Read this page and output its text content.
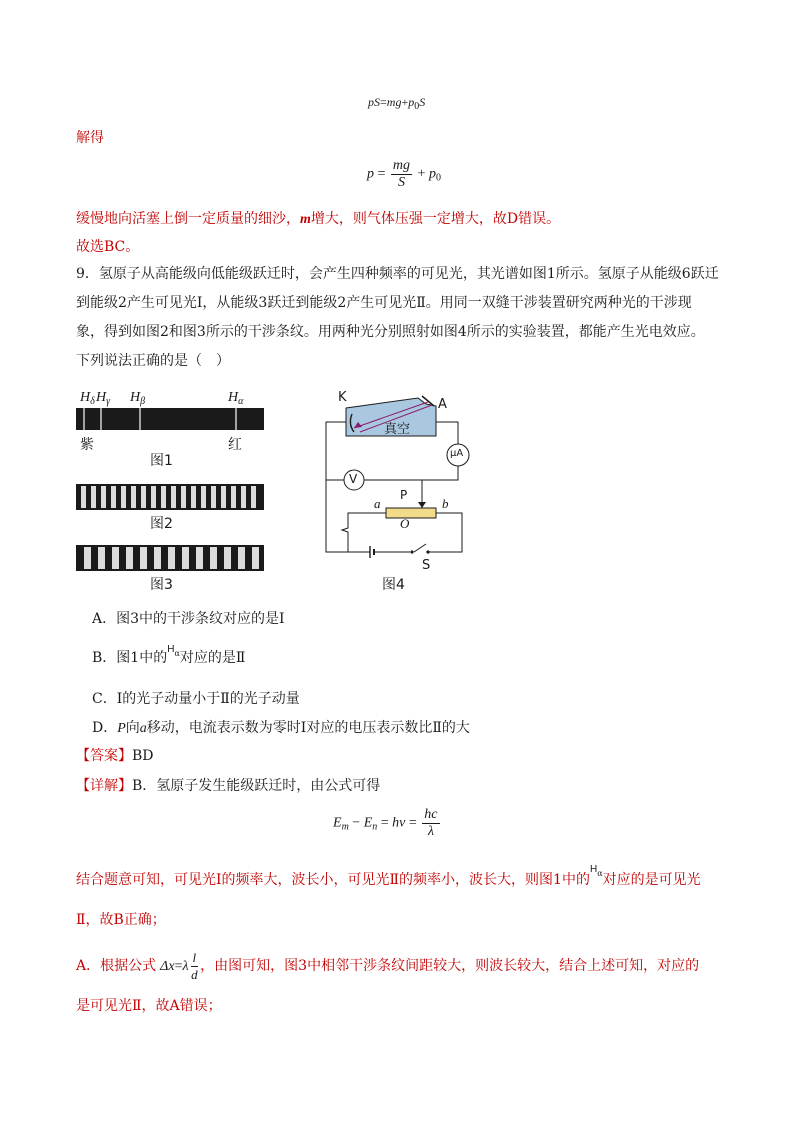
$pS=mg+p_0S$
解得
$p = \frac{mg}{S} + p_0$
缓慢地向活塞上倒一定质量的细沙，m增大，则气体压强一定增大，故D错误。
故选BC。
9．氢原子从高能级向低能级跃迁时，会产生四种频率的可见光，其光谱如图1所示。氢原子从能级6跃迁
到能级2产生可见光Ⅰ，从能级3跃迁到能级2产生可见光Ⅱ。用同一双缝干涉装置研究两种光的干涉现
象，得到如图2和图3所示的干涉条纹。用两种光分别照射如图4所示的实验装置，都能产生光电效应。
下列说法正确的是（　）
$H_\delta$ $H_\gamma$ $H_\beta$	$H_\alpha$
紫	红
图1
图2
图3
K	A
真空
μA
V
P
a	b
O
S
图4
A．图3中的干涉条纹对应的是Ⅰ
B．图1中的$^{H\alpha}$对应的是Ⅱ
C．Ⅰ的光子动量小于Ⅱ的光子动量
D．P向a移动，电流表示数为零时Ⅰ对应的电压表示数比Ⅱ的大
【答案】BD
【详解】B．氢原子发生能级跃迁时，由公式可得
$E_m - E_n = h\nu = \frac{hc}{\lambda}$
结合题意可知，可见光Ⅰ的频率大，波长小，可见光Ⅱ的频率小，波长大，则图1中的$^{H\alpha}$对应的是可见光
Ⅱ，故B正确；
A．根据公式 $\Delta x=\lambda \frac{l}{d}$ ，由图可知，图3中相邻干涉条纹间距较大，则波长较大，结合上述可知，对应的
是可见光Ⅱ，故A错误；
